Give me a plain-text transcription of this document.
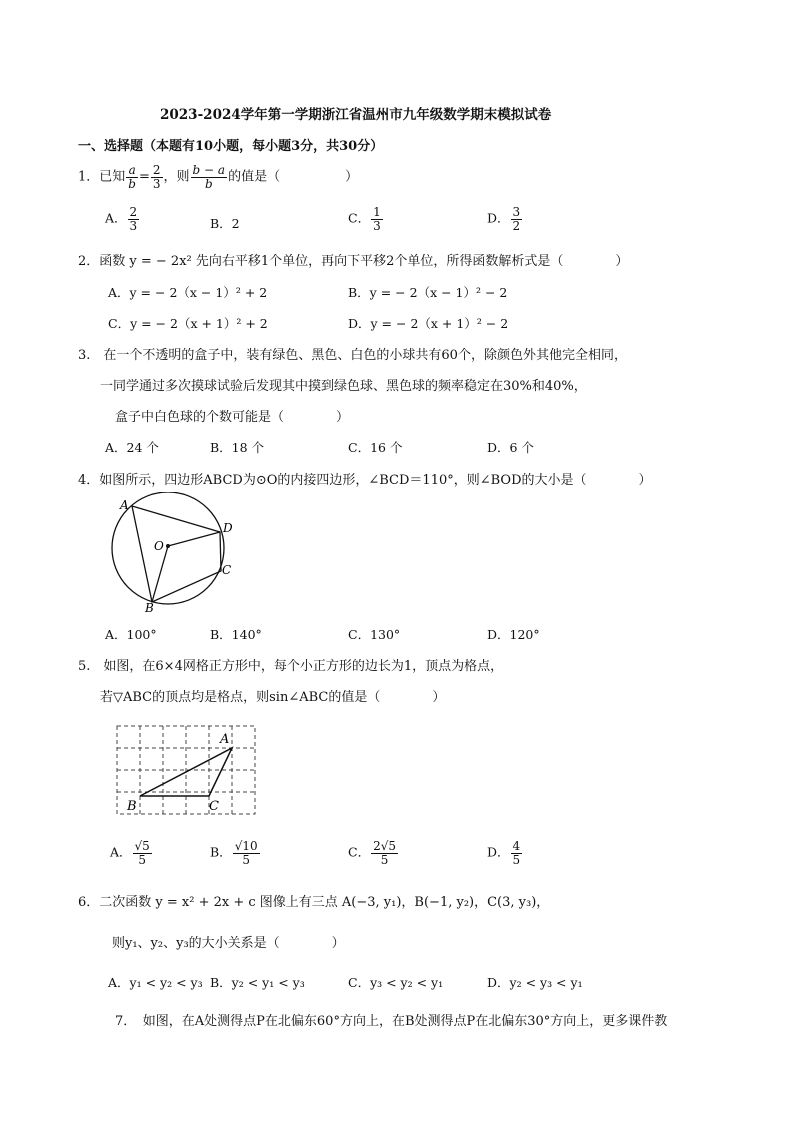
2023-2024学年第一学期浙江省温州市九年级数学期末模拟试卷
一、选择题（本题有10小题，每小题3分，共30分）
1．已知 $\frac{a}{b} = \frac{2}{3}$ ，则 $\frac{b - a}{b}$ 的值是（　　　　　）
A． $\frac{2}{3}$	B．2	C． $\frac{1}{3}$	D． $\frac{3}{2}$
2．函数 y = − 2x² 先向右平移1个单位，再向下平移2个单位，所得函数解析式是（　　　　）
A．y = − 2（x − 1）² + 2	B．y = − 2（x − 1）² − 2
C．y = − 2（x + 1）² + 2	D．y = − 2（x + 1）² − 2
3.　在一个不透明的盒子中，装有绿色、黑色、白色的小球共有60个，除颜色外其他完全相同，
一同学通过多次摸球试验后发现其中摸到绿色球、黑色球的频率稳定在30%和40%，
盒子中白色球的个数可能是（　　　　）
A．24 个	B．18 个	C．16 个	D．6 个
4．如图所示，四边形ABCD为⊙O的内接四边形，∠BCD＝110°，则∠BOD的大小是（　　　　）
A
D
O
C
B
A．100°	B．140°	C．130°	D．120°
5.　如图，在6×4网格正方形中，每个小正方形的边长为1，顶点为格点，
若▽ABC的顶点均是格点，则sin∠ABC的值是（　　　　）
A
B	C
A． $\frac{√5}{5}$	B． $\frac{√10}{5}$	C． $\frac{2√5}{5}$	D． $\frac{4}{5}$
6．二次函数 y = x² + 2x + c 图像上有三点 A(−3, y₁)，B(−1, y₂)，C(3, y₃)，
则y₁、y₂、y₃的大小关系是（　　　　）
A．y₁ < y₂ < y₃ B．y₂ < y₁ < y₃	C．y₃ < y₂ < y₁	D．y₂ < y₃ < y₁
7．　如图，在A处测得点P在北偏东60°方向上，在B处测得点P在北偏东30°方向上，更多课件教
